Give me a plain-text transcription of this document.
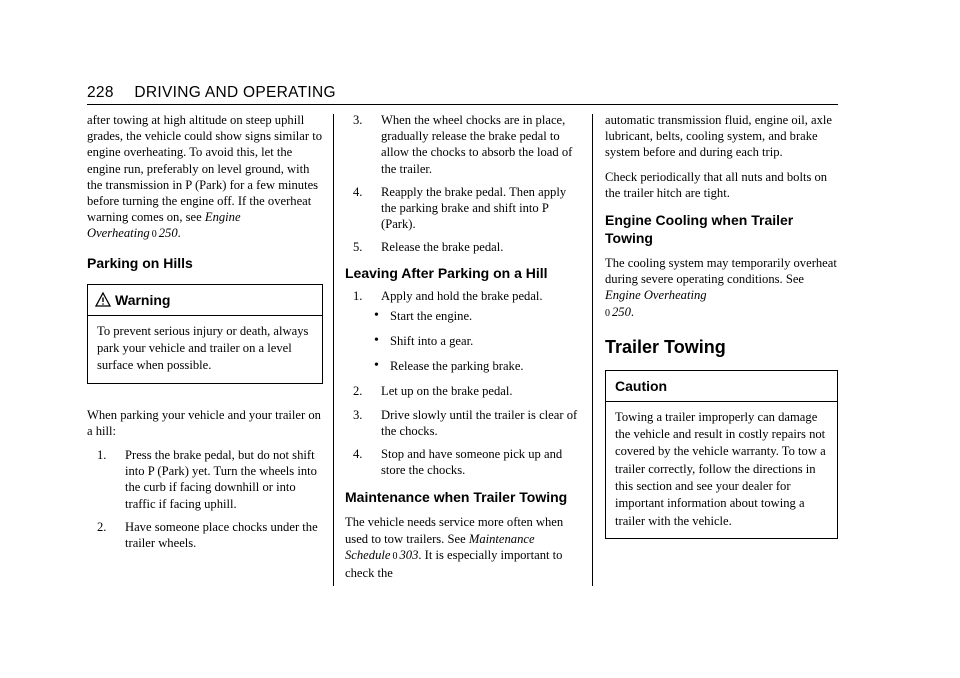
228 DRIVING AND OPERATING

after towing at high altitude on steep uphill grades, the vehicle could show signs similar to engine overheating. To avoid this, let the engine run, preferably on level ground, with the transmission in P (Park) for a few minutes before turning the engine off. If the overheat warning comes on, see Engine Overheating 0 250.

Parking on Hills
Warning
To prevent serious injury or death, always park your vehicle and trailer on a level surface when possible.

When parking your vehicle and your trailer on a hill:

1.	Press the brake pedal, but do not shift into P (Park) yet. Turn the wheels into the curb if facing downhill or into traffic if facing uphill.
2.	Have someone place chocks under the trailer wheels.
3.	When the wheel chocks are in place, gradually release the brake pedal to allow the chocks to absorb the load of the trailer.
4.	Reapply the brake pedal. Then apply the parking brake and shift into P (Park).
5.	Release the brake pedal.
Leaving After Parking on a Hill
1.	Apply and hold the brake pedal.
• Start the engine.
• Shift into a gear.
• Release the parking brake.
2.	Let up on the brake pedal.
3.	Drive slowly until the trailer is clear of the chocks.
4.	Stop and have someone pick up and store the chocks.
Maintenance when Trailer Towing

The vehicle needs service more often when used to tow trailers. See Maintenance Schedule 0 303. It is especially important to check the

automatic transmission fluid, engine oil, axle lubricant, belts, cooling system, and brake system before and during each trip.

Check periodically that all nuts and bolts on the trailer hitch are tight.

Engine Cooling when Trailer Towing

The cooling system may temporarily overheat during severe operating conditions. See Engine Overheating
0 250.

Trailer Towing
Caution
Towing a trailer improperly can damage the vehicle and result in costly repairs not covered by the vehicle warranty. To tow a trailer correctly, follow the directions in this section and see your dealer for important information about towing a trailer with the vehicle.
